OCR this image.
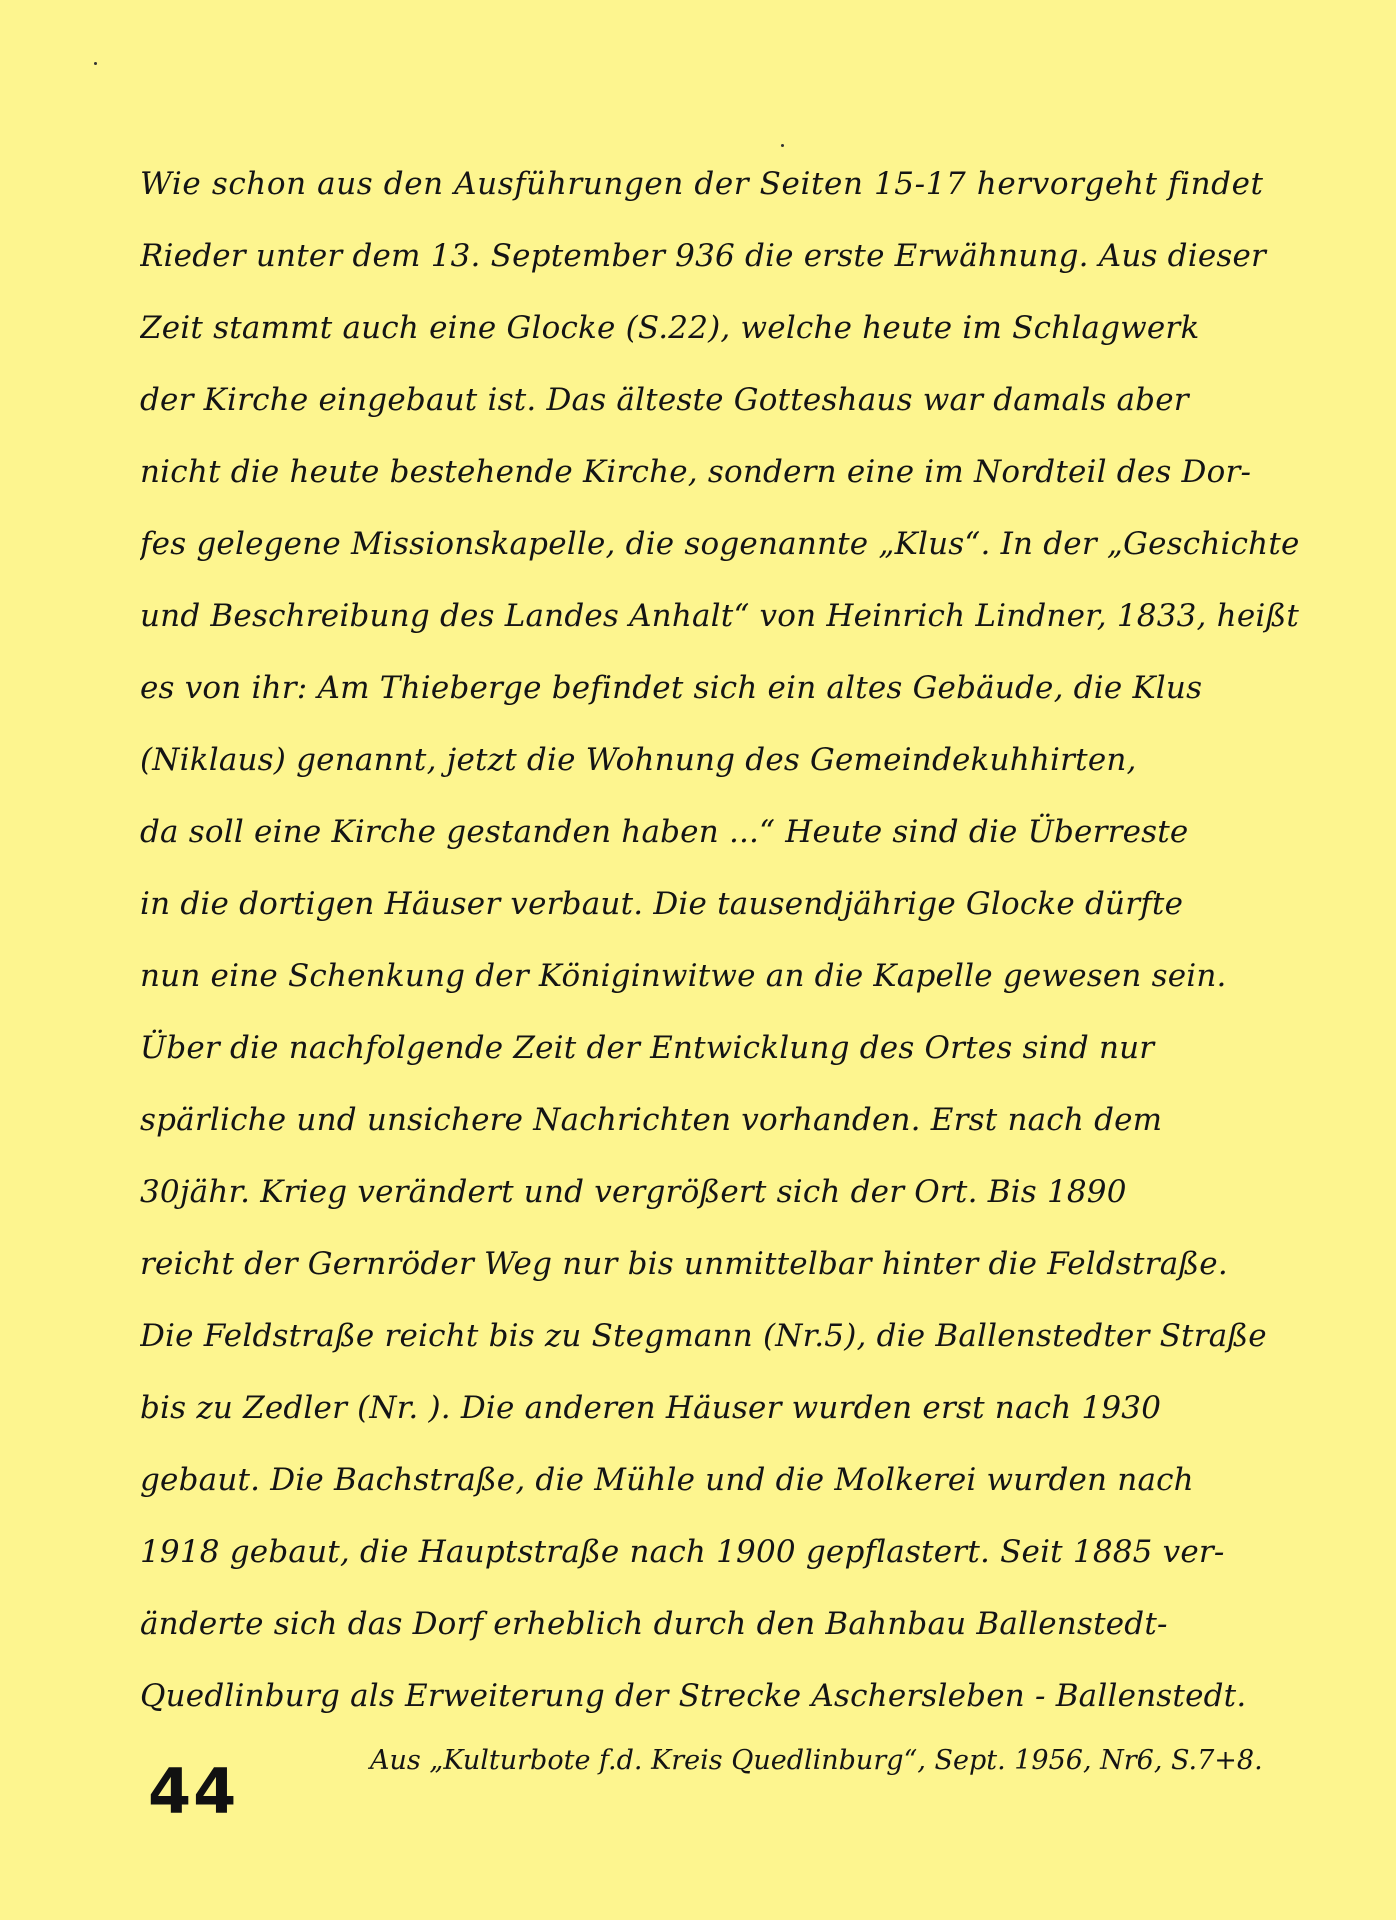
Wie schon aus den Ausführungen der Seiten 15-17 hervorgeht findet
Rieder unter dem 13. September 936 die erste Erwähnung. Aus dieser
Zeit stammt auch eine Glocke (S.22), welche heute im Schlagwerk
der Kirche eingebaut ist. Das älteste Gotteshaus war damals aber
nicht die heute bestehende Kirche, sondern eine im Nordteil des Dor-
fes gelegene Missionskapelle, die sogenannte „Klus“. In der „Geschichte
und Beschreibung des Landes Anhalt“ von Heinrich Lindner, 1833, heißt
es von ihr: Am Thieberge befindet sich ein altes Gebäude, die Klus
(Niklaus) genannt, jetzt die Wohnung des Gemeindekuhhirten,
da soll eine Kirche gestanden haben ...“ Heute sind die Überreste
in die dortigen Häuser verbaut. Die tausendjährige Glocke dürfte
nun eine Schenkung der Königinwitwe an die Kapelle gewesen sein.
Über die nachfolgende Zeit der Entwicklung des Ortes sind nur
spärliche und unsichere Nachrichten vorhanden. Erst nach dem
30jähr. Krieg verändert und vergrößert sich der Ort. Bis 1890
reicht der Gernröder Weg nur bis unmittelbar hinter die Feldstraße.
Die Feldstraße reicht bis zu Stegmann (Nr.5), die Ballenstedter Straße
bis zu Zedler (Nr. ). Die anderen Häuser wurden erst nach 1930
gebaut. Die Bachstraße, die Mühle und die Molkerei wurden nach
1918 gebaut, die Hauptstraße nach 1900 gepflastert. Seit 1885 ver-
änderte sich das Dorf erheblich durch den Bahnbau Ballenstedt-
Quedlinburg als Erweiterung der Strecke Aschersleben - Ballenstedt.
44	Aus „Kulturbote f.d. Kreis Quedlinburg“, Sept. 1956, Nr6, S.7+8.
